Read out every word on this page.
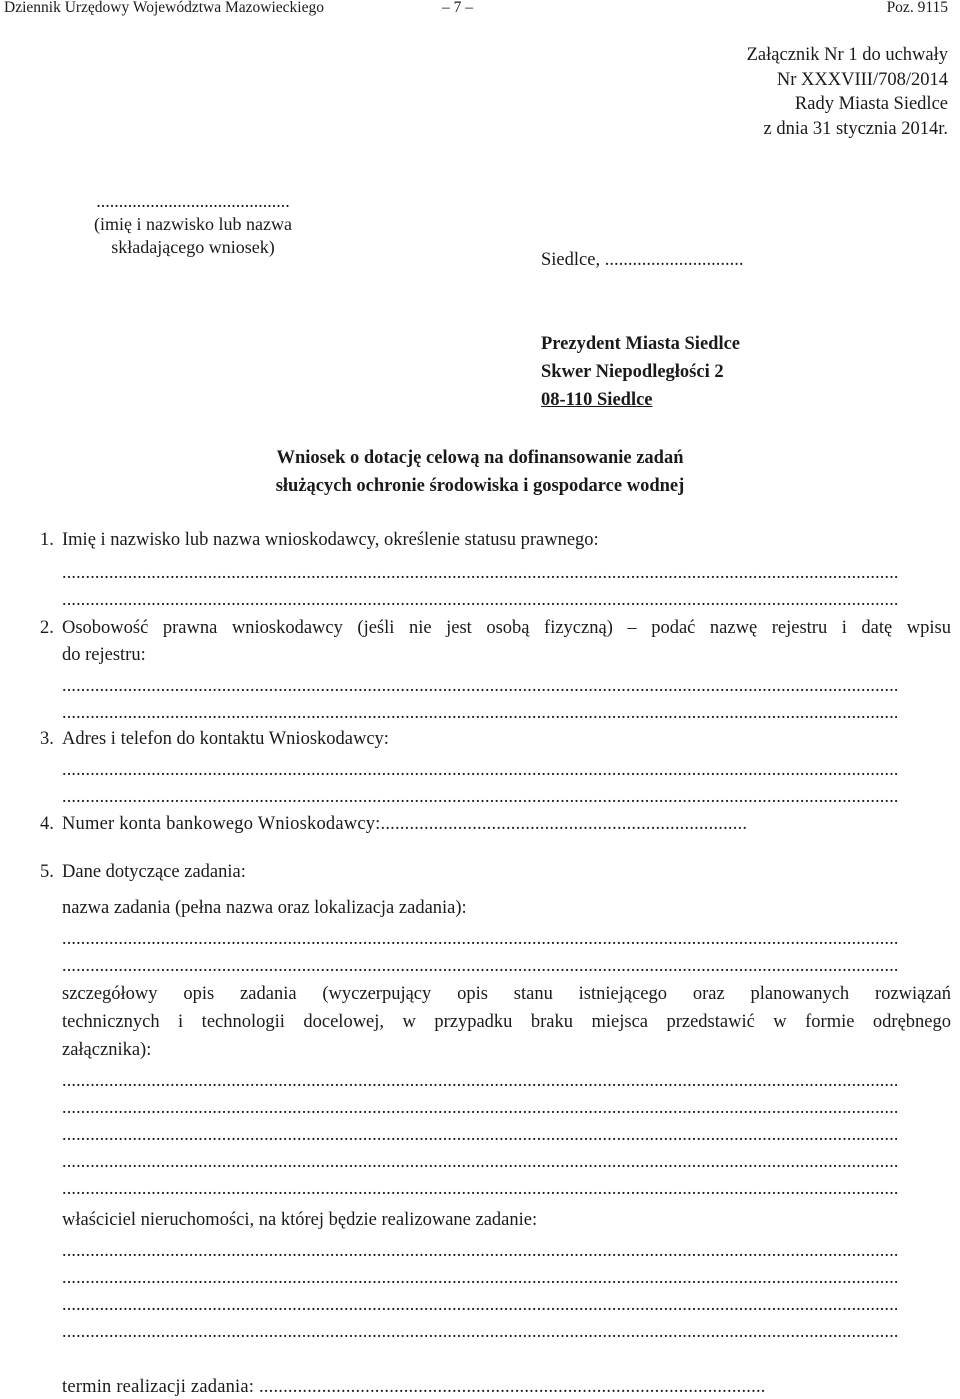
Dziennik Urzędowy Województwa Mazowieckiego	– 7 –	Poz. 9115
Załącznik Nr 1 do uchwały
Nr XXXVIII/708/2014
Rady Miasta Siedlce
z dnia 31 stycznia 2014r.
...........................................
(imię i nazwisko lub nazwa
składającego wniosek)
Siedlce, ..............................
Prezydent Miasta Siedlce
Skwer Niepodległości 2
08-110 Siedlce
Wniosek o dotację celową na dofinansowanie zadań
służących ochronie środowiska i gospodarce wodnej
1. Imię i nazwisko lub nazwa wnioskodawcy, określenie statusu prawnego:
..................................................................................................................................................................................
..................................................................................................................................................................................
2. Osobowość prawna wnioskodawcy (jeśli nie jest osobą fizyczną) – podać nazwę rejestru i datę wpisu
do rejestru:
..................................................................................................................................................................................
..................................................................................................................................................................................
3. Adres i telefon do kontaktu Wnioskodawcy:
..................................................................................................................................................................................
..................................................................................................................................................................................
4. Numer konta bankowego Wnioskodawcy:............................................................................
5. Dane dotyczące zadania:
nazwa zadania (pełna nazwa oraz lokalizacja zadania):
..................................................................................................................................................................................
..................................................................................................................................................................................
szczegółowy opis zadania (wyczerpujący opis stanu istniejącego oraz planowanych rozwiązań
technicznych i technologii docelowej, w przypadku braku miejsca przedstawić w formie odrębnego
załącznika):
..................................................................................................................................................................................
..................................................................................................................................................................................
..................................................................................................................................................................................
..................................................................................................................................................................................
..................................................................................................................................................................................
właściciel nieruchomości, na której będzie realizowane zadanie:
..................................................................................................................................................................................
..................................................................................................................................................................................
..................................................................................................................................................................................
..................................................................................................................................................................................
termin realizacji zadania: .........................................................................................................
